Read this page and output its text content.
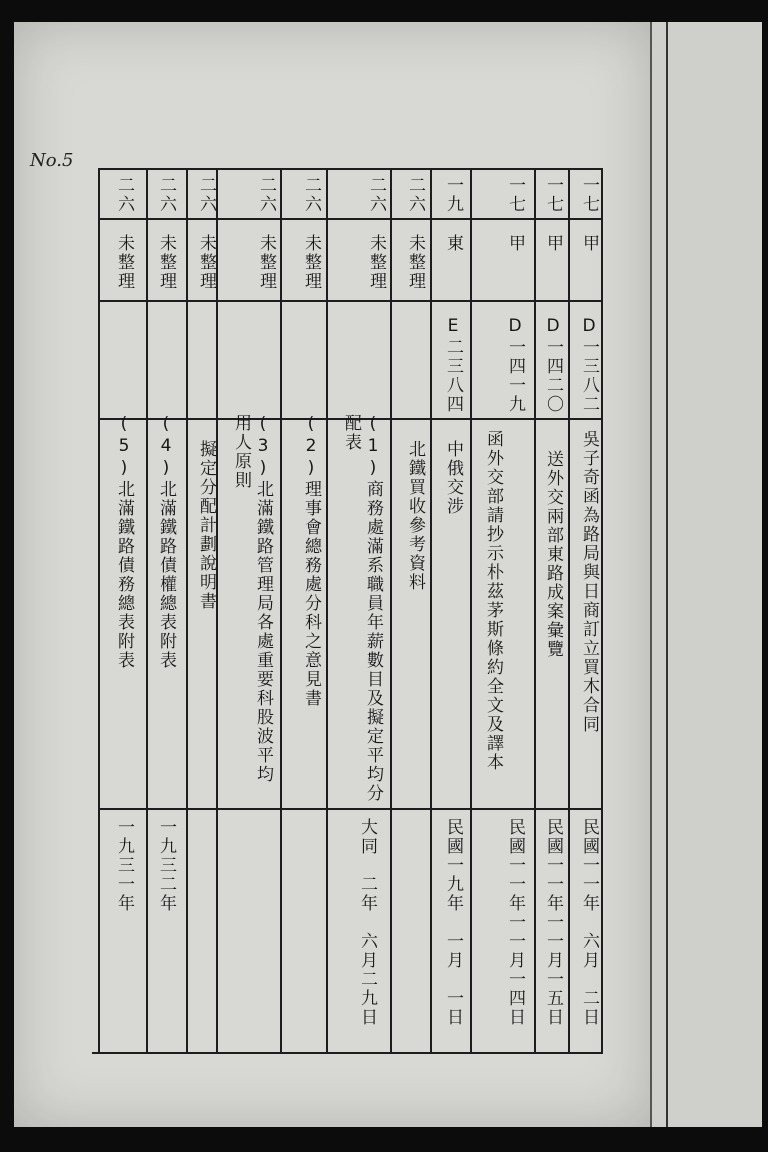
No.5
一七
甲
D一三八二
吳子奇函為路局與日商訂立買木合同
民國一一年　六月　二日
一七
甲
D一四二〇
送外交兩部東路成案彙覽
民國一一年一一月一五日
一七
甲
D一四一九
函外交部請抄示朴茲茅斯條約全文及譯本
民國一一年一一月一四日
一九
東
E二三八四
中俄交涉
民國一九年　一月　一日
二六
未整理
北鐵買收參考資料
二六
未整理
(1)商務處滿系職員年薪數目及擬定平均分配表
大同　二年　六月二九日
二六
未整理
(2)理事會總務處分科之意見書
二六
未整理
(3)北滿鐵路管理局各處重要科股波平均用人原則
二六
未整理
擬定分配計劃說明書
二六
未整理
(4)北滿鐵路債權總表附表
一九三二年
二六
未整理
(5)北滿鐵路債務總表附表
一九三一年
